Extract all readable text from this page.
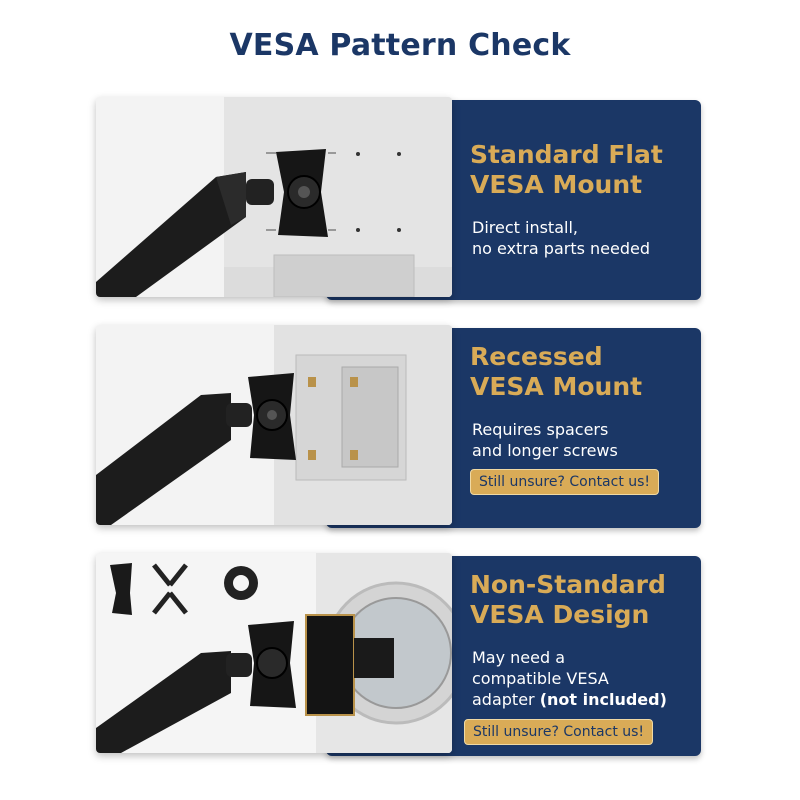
VESA Pattern Check
Standard Flat
VESA Mount
Direct install,
no extra parts needed
Recessed
VESA Mount
Requires spacers
and longer screws
Still unsure? Contact us!
Non-Standard
VESA Design
May need a
compatible VESA
adapter (not included)
Still unsure? Contact us!
